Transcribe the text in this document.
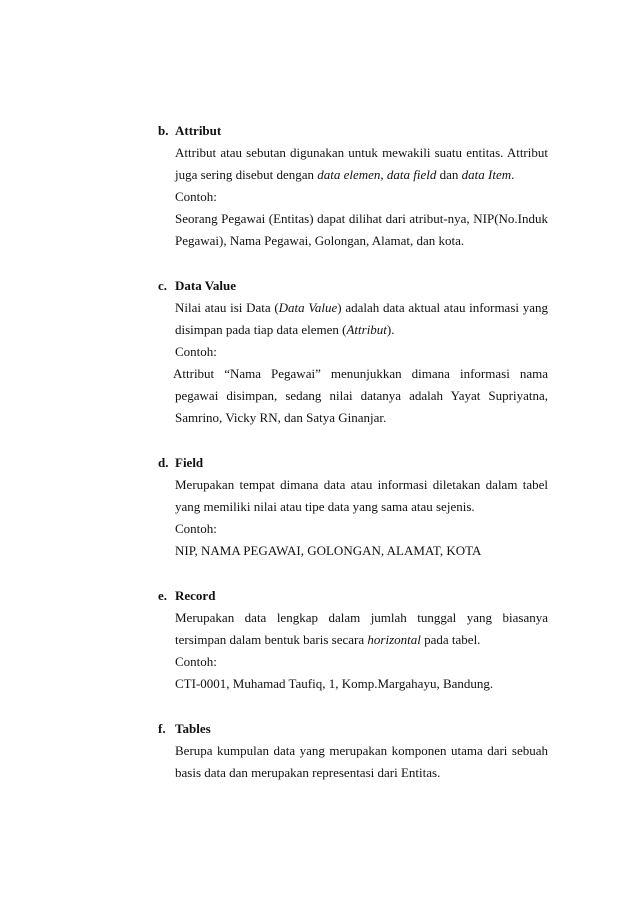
b. Attribut
Attribut atau sebutan digunakan untuk mewakili suatu entitas. Attribut
juga sering disebut dengan data elemen, data field dan data Item.
Contoh:
Seorang Pegawai (Entitas) dapat dilihat dari atribut-nya, NIP(No.Induk
Pegawai), Nama Pegawai, Golongan, Alamat, dan kota.
c. Data Value
Nilai atau isi Data (Data Value) adalah data aktual atau informasi yang
disimpan pada tiap data elemen (Attribut).
Contoh:
Attribut “Nama Pegawai” menunjukkan dimana informasi nama
pegawai disimpan, sedang nilai datanya adalah Yayat Supriyatna,
Samrino, Vicky RN, dan Satya Ginanjar.
d. Field
Merupakan tempat dimana data atau informasi diletakan dalam tabel
yang memiliki nilai atau tipe data yang sama atau sejenis.
Contoh:
NIP, NAMA PEGAWAI, GOLONGAN, ALAMAT, KOTA
e. Record
Merupakan data lengkap dalam jumlah tunggal yang biasanya
tersimpan dalam bentuk baris secara horizontal pada tabel.
Contoh:
CTI-0001, Muhamad Taufiq, 1, Komp.Margahayu, Bandung.
f. Tables
Berupa kumpulan data yang merupakan komponen utama dari sebuah
basis data dan merupakan representasi dari Entitas.
